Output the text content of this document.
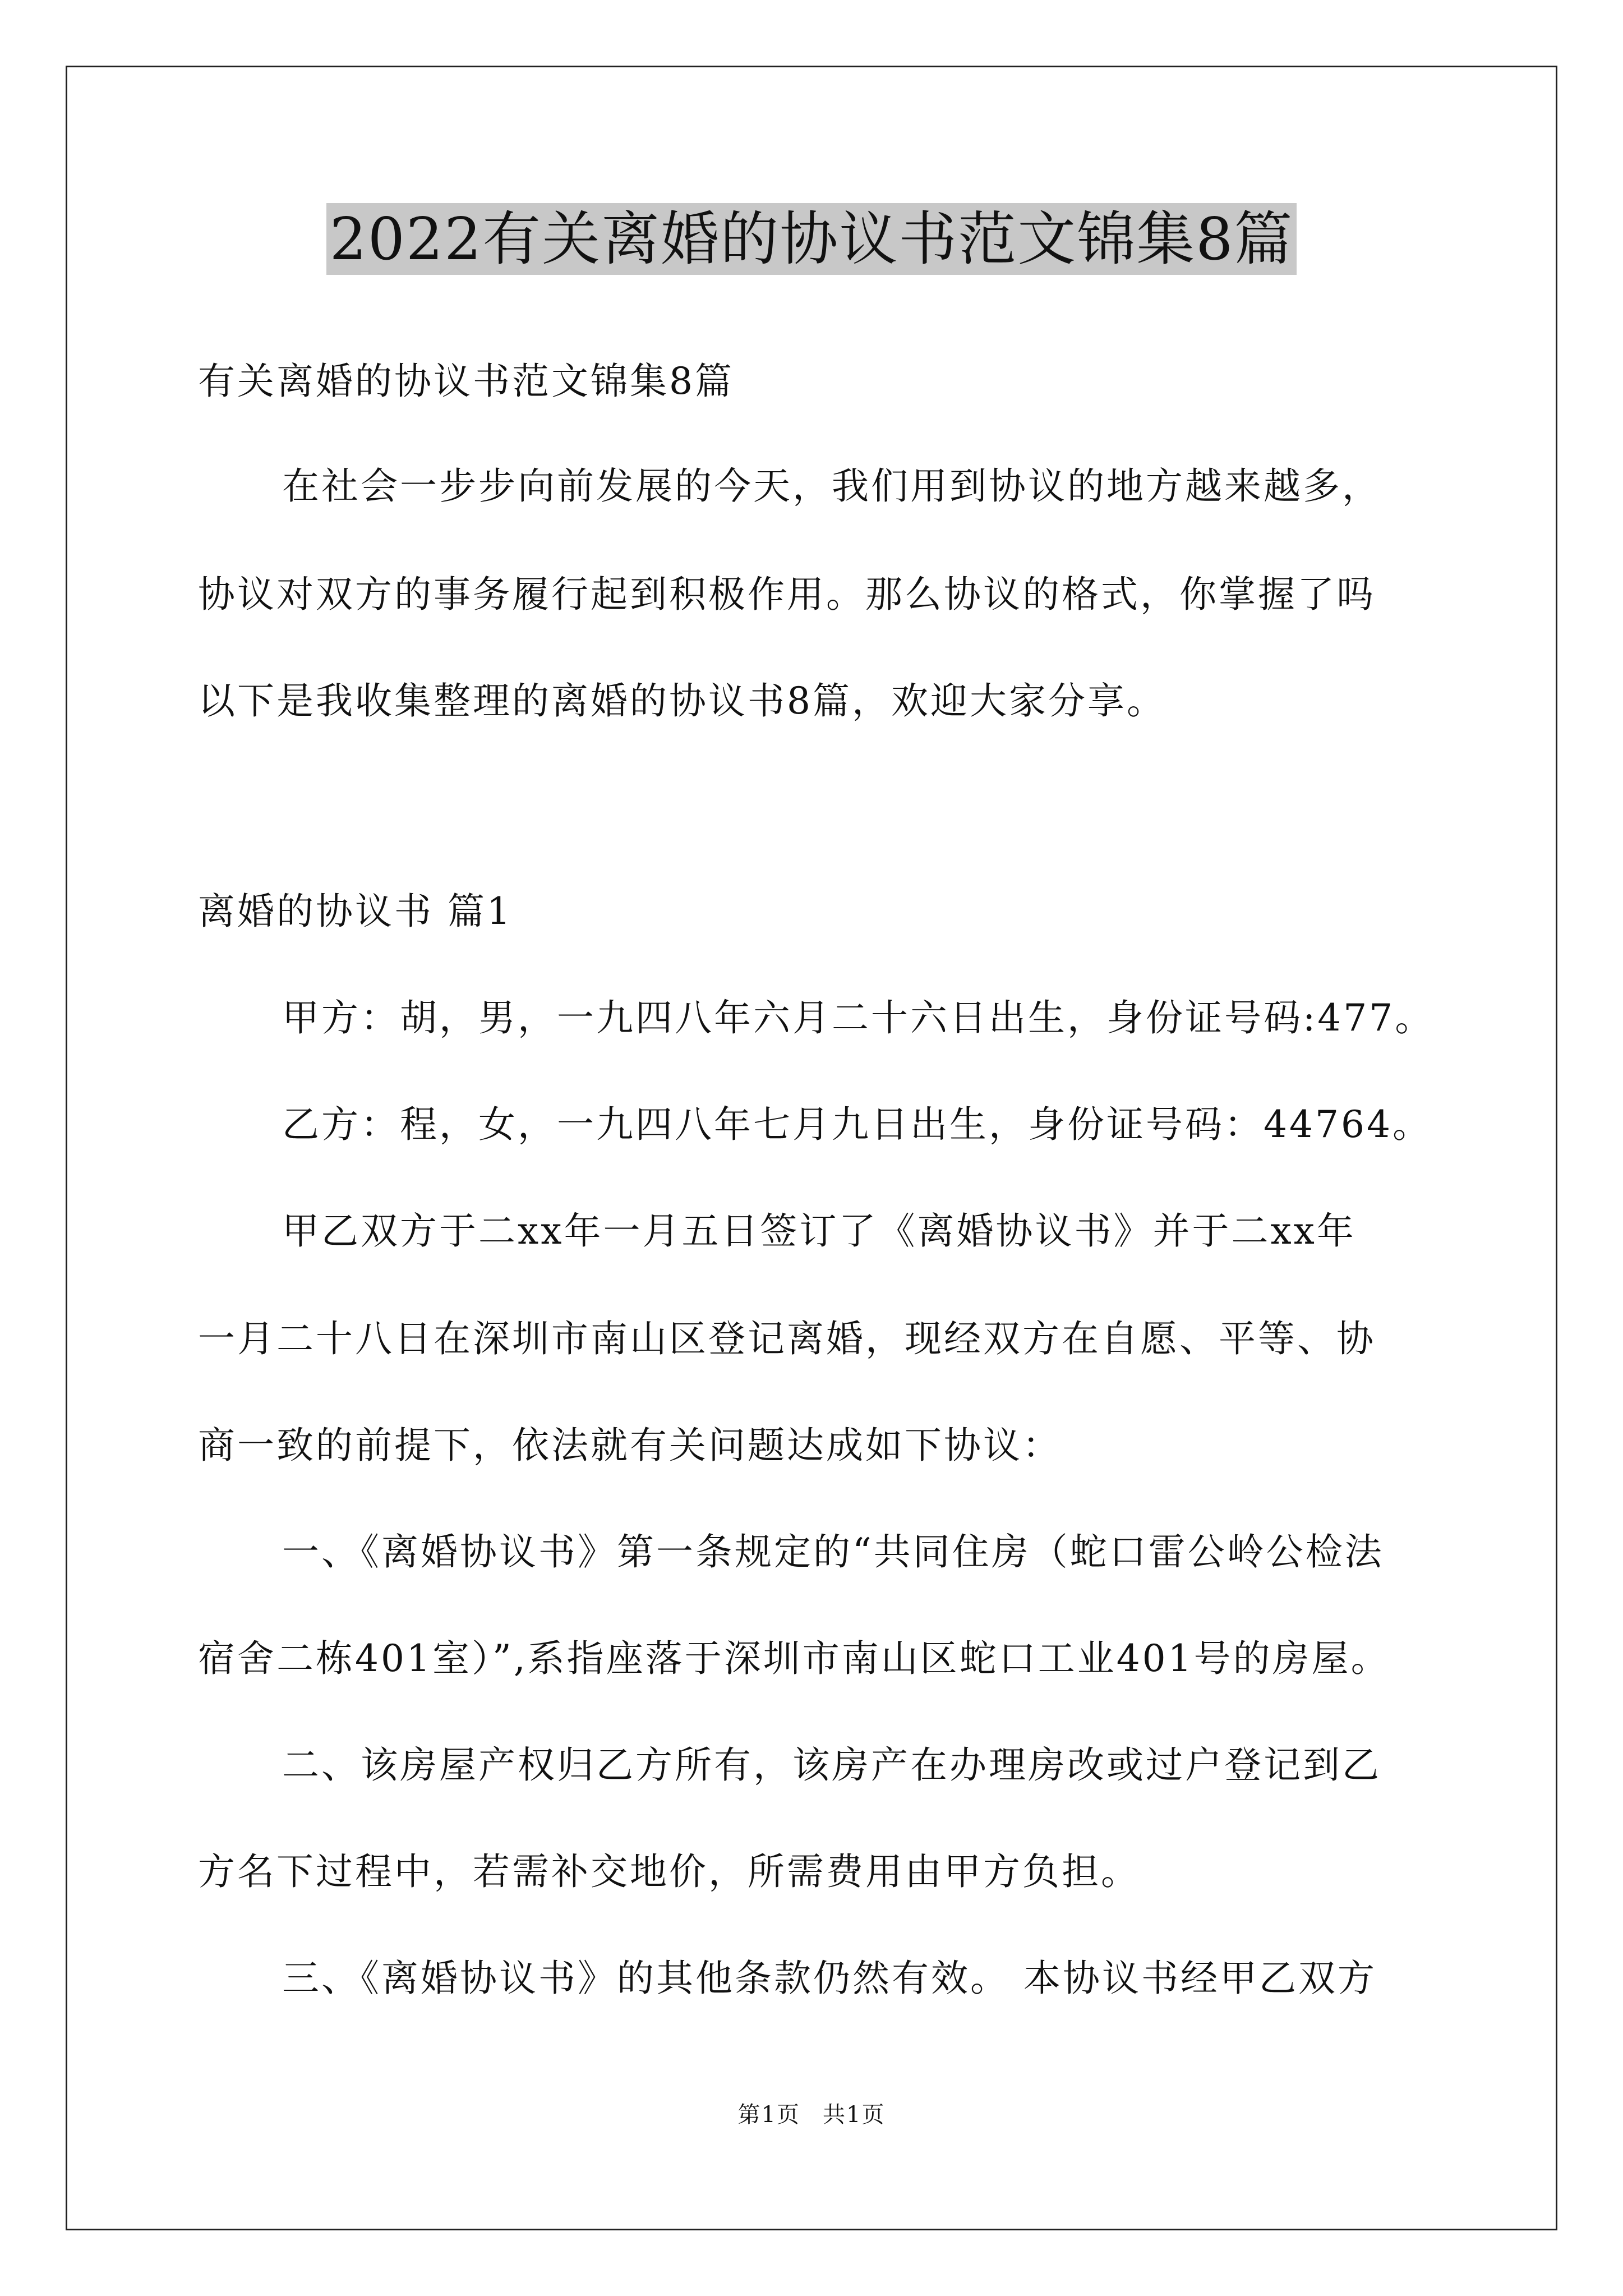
2022有关离婚的协议书范文锦集8篇
有关离婚的协议书范文锦集8篇
在社会一步步向前发展的今天，我们用到协议的地方越来越多，
协议对双方的事务履行起到积极作用。那么协议的格式，你掌握了吗
以下是我收集整理的离婚的协议书8篇，欢迎大家分享。
离婚的协议书 篇1
甲方：胡，男，一九四八年六月二十六日出生，身份证号码:477。
乙方：程，女，一九四八年七月九日出生，身份证号码：44764。
甲乙双方于二xx年一月五日签订了《离婚协议书》并于二xx年
一月二十八日在深圳市南山区登记离婚，现经双方在自愿、平等、协
商一致的前提下，依法就有关问题达成如下协议：
一、《离婚协议书》第一条规定的“共同住房（蛇口雷公岭公检法
宿舍二栋401室）”,系指座落于深圳市南山区蛇口工业401号的房屋。
二、该房屋产权归乙方所有，该房产在办理房改或过户登记到乙
方名下过程中，若需补交地价，所需费用由甲方负担。
三、《离婚协议书》的其他条款仍然有效。 本协议书经甲乙双方
第1页 共1页
